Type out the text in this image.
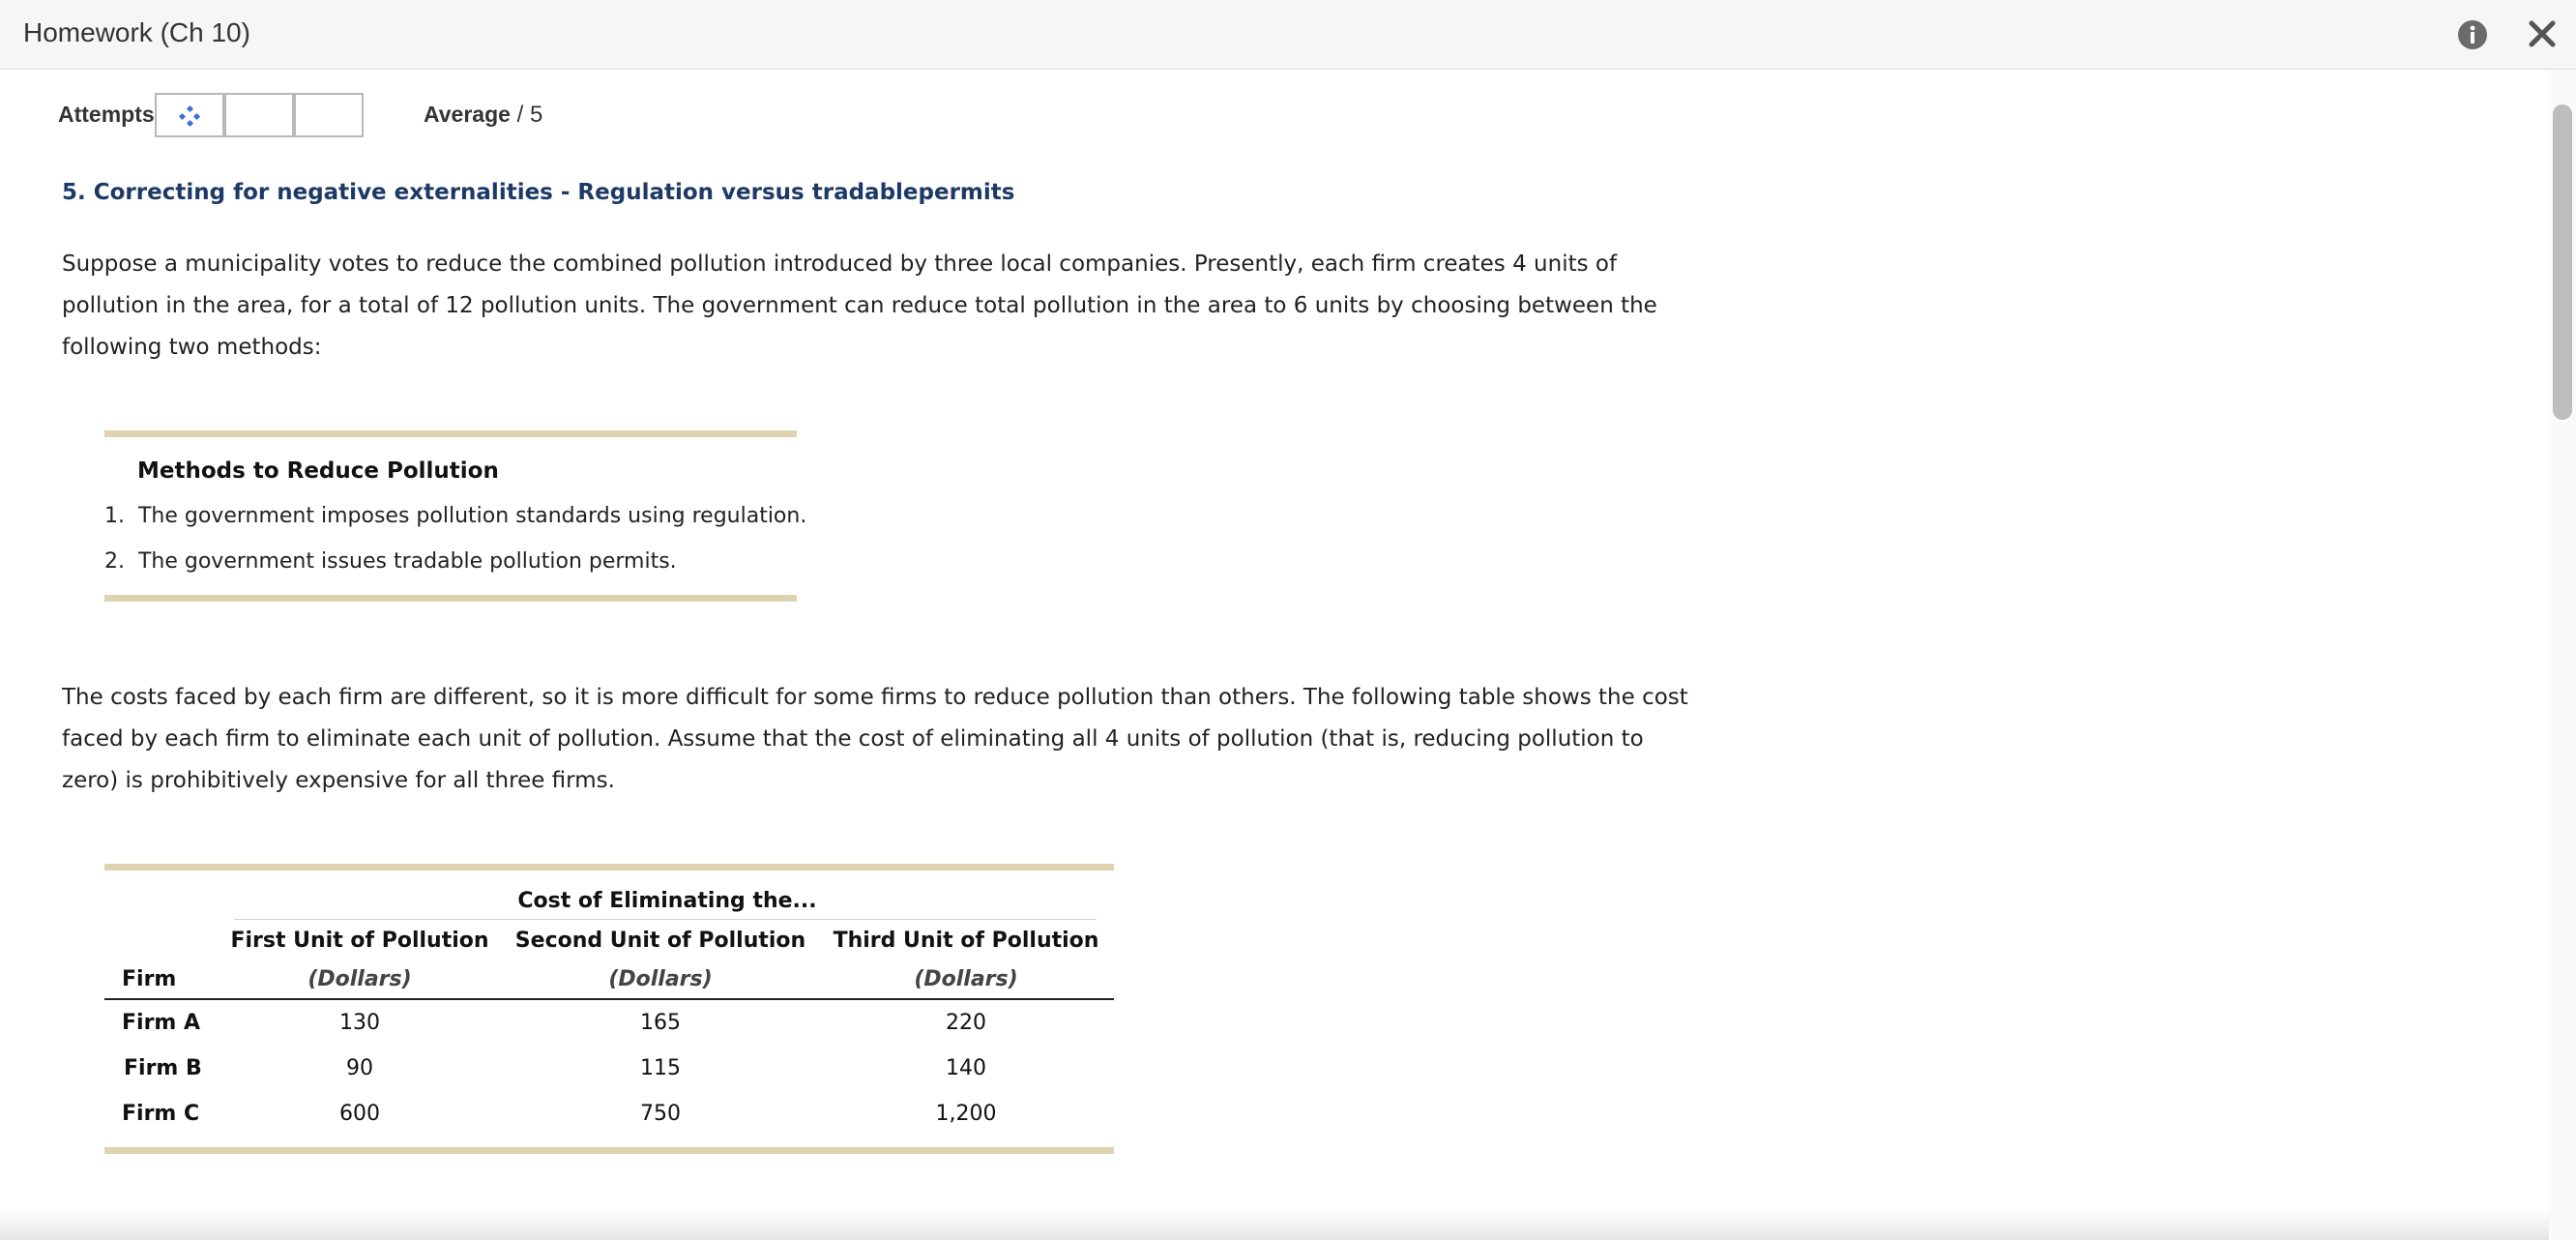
Homework (Ch 10)
Attempts	Average / 5
5. Correcting for negative externalities - Regulation versus tradablepermits
Suppose a municipality votes to reduce the combined pollution introduced by three local companies. Presently, each firm creates 4 units of pollution in the area, for a total of 12 pollution units. The government can reduce total pollution in the area to 6 units by choosing between the following two methods:
Methods to Reduce Pollution
1.  The government imposes pollution standards using regulation.
2.  The government issues tradable pollution permits.
The costs faced by each firm are different, so it is more difficult for some firms to reduce pollution than others. The following table shows the cost faced by each firm to eliminate each unit of pollution. Assume that the cost of eliminating all 4 units of pollution (that is, reducing pollution to zero) is prohibitively expensive for all three firms.
Cost of Eliminating the...
First Unit of Pollution	Second Unit of Pollution	Third Unit of Pollution
Firm	(Dollars)	(Dollars)	(Dollars)
Firm A	130	165	220
Firm B	90	115	140
Firm C	600	750	1,200
